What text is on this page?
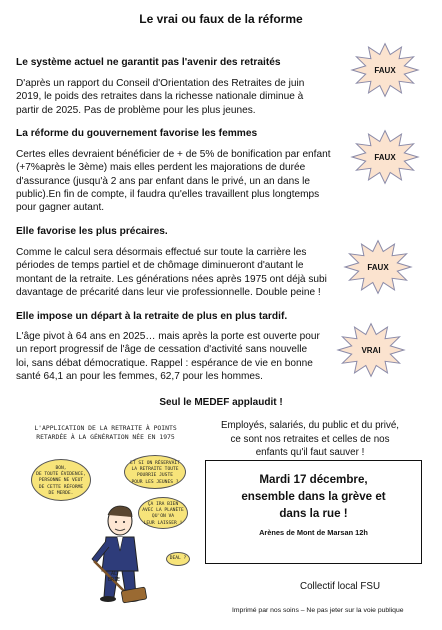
Le vrai ou faux de la réforme
Le système actuel ne garantit pas l'avenir des retraités
D'après un rapport du Conseil d'Orientation des Retraites de juin
2019, le poids des retraites dans la richesse nationale diminue à
partir de 2025. Pas de problème pour les plus jeunes.
La réforme du gouvernement favorise les femmes
Certes elles devraient bénéficier de + de 5% de bonification par enfant
(+7%après le 3ème) mais elles perdent les majorations de durée
d'assurance (jusqu'à 2 ans par enfant dans le privé, un an dans le
public).En fin de compte, il faudra qu'elles travaillent plus longtemps
pour gagner autant.
Elle favorise les plus précaires.
Comme le calcul sera désormais effectué sur toute la carrière les
périodes de temps partiel et de chômage diminueront d'autant le
montant de la retraite. Les générations nées après 1975 ont déjà subi
davantage de précarité dans leur vie professionnelle. Double peine !
Elle impose un départ à la retraite de plus en plus tardif.
L'âge pivot à 64 ans en 2025… mais après la porte est ouverte pour
un report progressif de l'âge de cessation d'activité sans nouvelle
loi, sans débat démocratique. Rappel : espérance de vie en bonne
santé 64,1 an pour les femmes, 62,7 pour les hommes.
FAUX
FAUX
FAUX
VRAI
Seul le MEDEF applaudit !
L'APPLICATION DE LA RETRAITE À POINTS
RETARDÉE À LA GÉNÉRATION NÉE EN 1975
BON,
DE TOUTE ÉVIDENCE,
PERSONNE NE VEUT
DE CETTE RÉFORME
DE MERDE.
ET SI ON RÉSERVAIT
LA RETRAITE TOUTE
POURRIE JUSTE
POUR LES JEUNES ?
ÇA IRA BIEN
AVEC LA PLANÈTE
QU'ON VA
LEUR LAISSER !
DEAL ?
AL BRIE
Employés, salariés, du public et du privé,
ce sont nos retraites et celles de nos
enfants qu'il faut sauver !
Mardi 17 décembre,
ensemble dans la grève et
dans la rue !
Arènes de Mont de Marsan 12h
Collectif local FSU
Imprimé par nos soins – Ne pas jeter sur la voie publique
